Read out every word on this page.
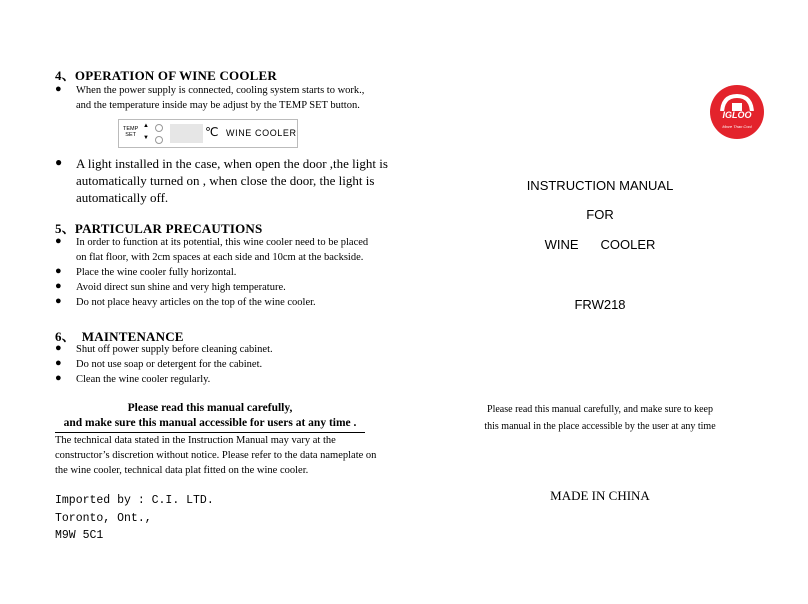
4、OPERATION OF WINE COOLER
● When the power supply is connected, cooling system starts to work.,
and the temperature inside may be adjust by the TEMP SET button.
TEMP
SET
▲
▼	℃ WINE COOLER
● A light installed in the case, when open the door ,the light is
automatically turned on , when close the door, the light is
automatically off.
5、PARTICULAR PRECAUTIONS
● In order to function at its potential, this wine cooler need to be placed
on flat floor, with 2cm spaces at each side and 10cm at the backside.
● Place the wine cooler fully horizontal.
● Avoid direct sun shine and very high temperature.
● Do not place heavy articles on the top of the wine cooler.
6、  MAINTENANCE
● Shut off power supply before cleaning cabinet.
● Do not use soap or detergent for the cabinet.
● Clean the wine cooler regularly.
Please read this manual carefully,
and make sure this manual accessible for users at any time .
The technical data stated in the Instruction Manual may vary at the
constructor’s discretion without notice. Please refer to the data nameplate on
the wine cooler, technical data plat fitted on the wine cooler.
Imported by : C.I. LTD.
Toronto, Ont.,
M9W 5C1
IGLOO
Move Than Cool
INSTRUCTION MANUAL
FOR
WINE COOLER
FRW218
Please read this manual carefully, and make sure to keep
this manual in the place accessible by the user at any time
MADE IN CHINA
